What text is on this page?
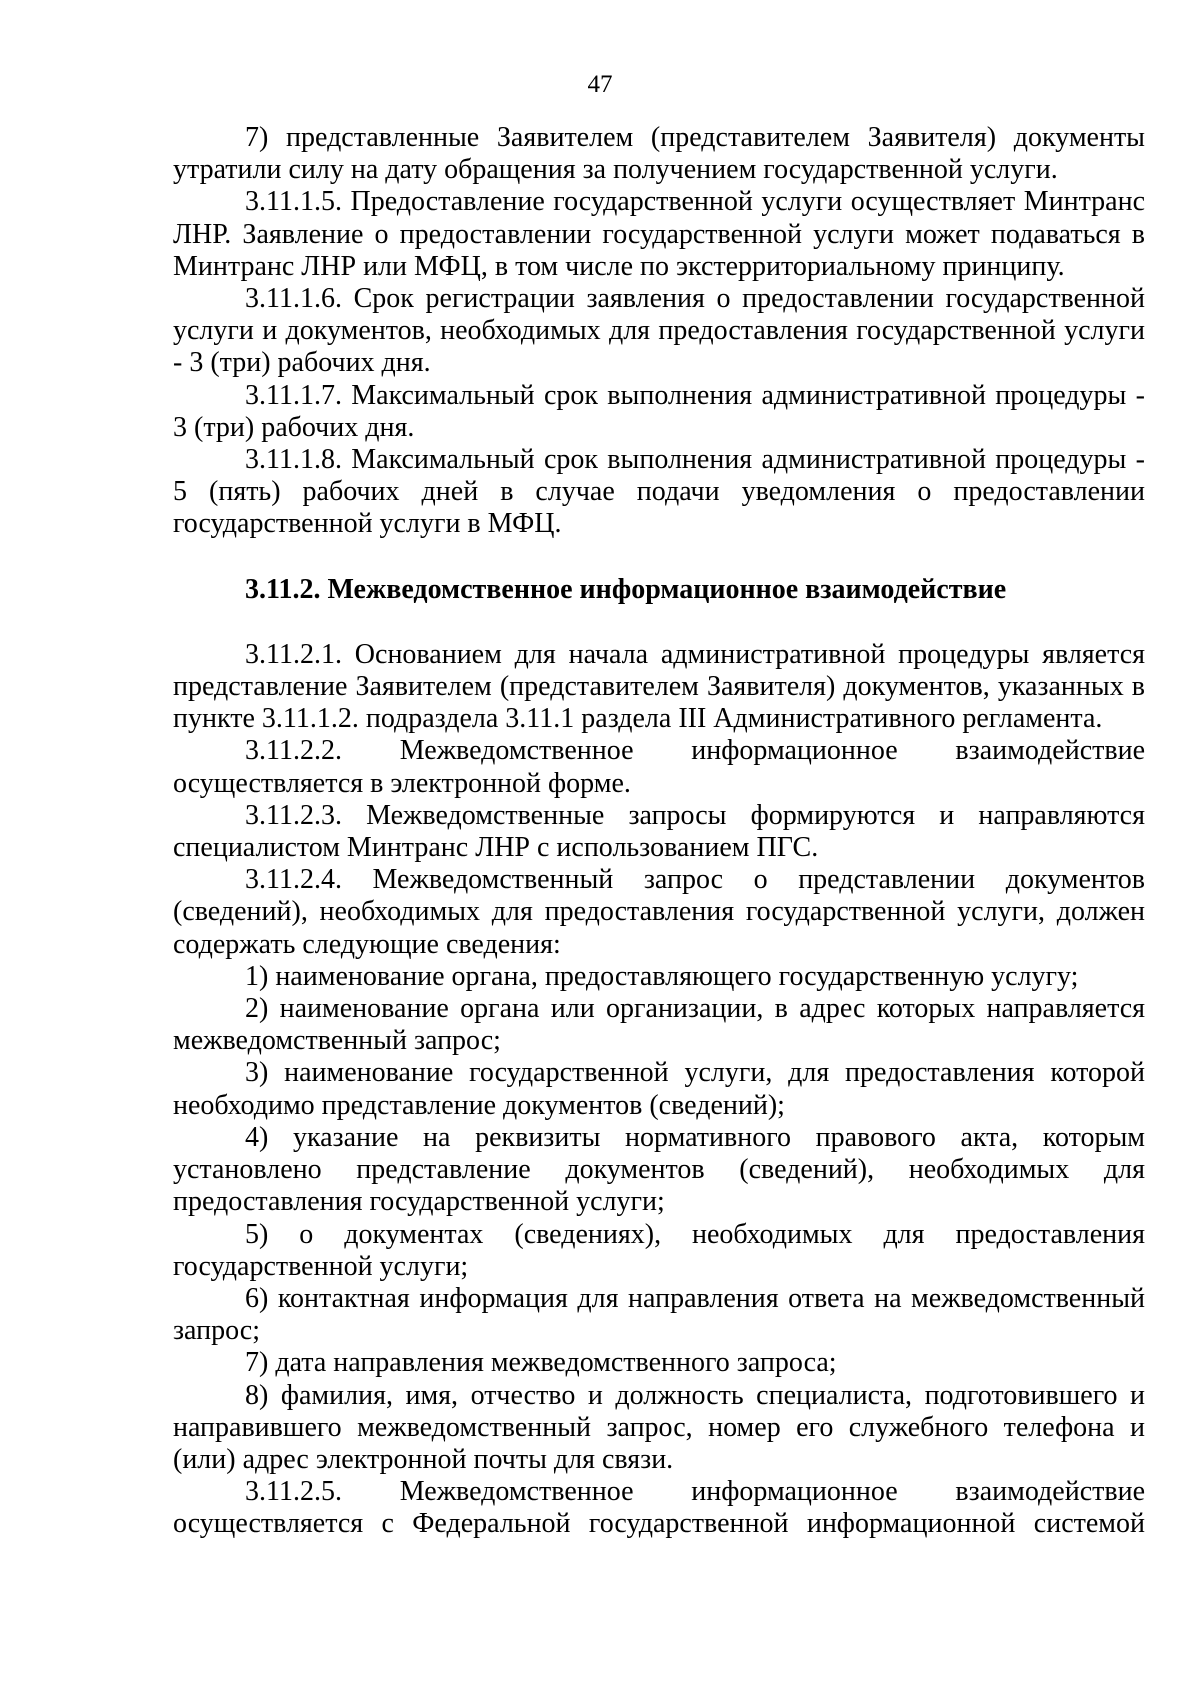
47

7) представленные Заявителем (представителем Заявителя) документы утратили силу на дату обращения за получением государственной услуги.

3.11.1.5. Предоставление государственной услуги осуществляет Минтранс ЛНР. Заявление о предоставлении государственной услуги может подаваться в Минтранс ЛНР или МФЦ, в том числе по экстерриториальному принципу.

3.11.1.6. Срок регистрации заявления о предоставлении государственной услуги и документов, необходимых для предоставления государственной услуги - 3 (три) рабочих дня.

3.11.1.7. Максимальный срок выполнения административной процедуры - 3 (три) рабочих дня.

3.11.1.8. Максимальный срок выполнения административной процедуры - 5 (пять) рабочих дней в случае подачи уведомления о предоставлении государственной услуги в МФЦ.

3.11.2. Межведомственное информационное взаимодействие

3.11.2.1. Основанием для начала административной процедуры является представление Заявителем (представителем Заявителя) документов, указанных в пункте 3.11.1.2. подраздела 3.11.1 раздела III Административного регламента.

3.11.2.2. Межведомственное информационное взаимодействие осуществляется в электронной форме.

3.11.2.3. Межведомственные запросы формируются и направляются специалистом Минтранс ЛНР с использованием ПГС.

3.11.2.4. Межведомственный запрос о представлении документов (сведений), необходимых для предоставления государственной услуги, должен содержать следующие сведения:

1) наименование органа, предоставляющего государственную услугу;

2) наименование органа или организации, в адрес которых направляется межведомственный запрос;

3) наименование государственной услуги, для предоставления которой необходимо представление документов (сведений);

4) указание на реквизиты нормативного правового акта, которым установлено представление документов (сведений), необходимых для предоставления государственной услуги;

5) о документах (сведениях), необходимых для предоставления государственной услуги;

6) контактная информация для направления ответа на межведомственный запрос;

7) дата направления межведомственного запроса;

8) фамилия, имя, отчество и должность специалиста, подготовившего и направившего межведомственный запрос, номер его служебного телефона и (или) адрес электронной почты для связи.

3.11.2.5. Межведомственное информационное взаимодействие осуществляется с Федеральной государственной информационной системой
